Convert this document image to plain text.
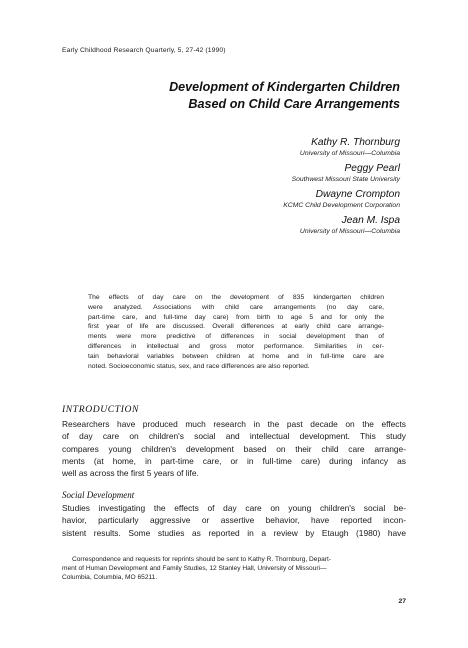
Early Childhood Research Quarterly, 5, 27-42 (1990)
Development of Kindergarten Children
Based on Child Care Arrangements
Kathy R. Thornburg
University of Missouri—Columbia
Peggy Pearl
Southwest Missouri State University
Dwayne Crompton
KCMC Child Development Corporation
Jean M. Ispa
University of Missouri—Columbia
The effects of day care on the development of 835 kindergarten children
were analyzed. Associations with child care arrangements (no day care,
part-time care, and full-time day care) from birth to age 5 and for only the
first year of life are discussed. Overall differences at early child care arrange-
ments were more predictive of differences in social development than of
differences in intellectual and gross motor performance. Similarities in cer-
tain behavioral variables between children at home and in full-time care are
noted. Socioeconomic status, sex, and race differences are also reported.
INTRODUCTION
Researchers have produced much research in the past decade on the effects
of day care on children's social and intellectual development. This study
compares young children's development based on their child care arrange-
ments (at home, in part-time care, or in full-time care) during infancy as
well as across the first 5 years of life.
Social Development
Studies investigating the effects of day care on young children's social be-
havior, particularly aggressive or assertive behavior, have reported incon-
sistent results. Some studies as reported in a review by Etaugh (1980) have
Correspondence and requests for reprints should be sent to Kathy R. Thornburg, Depart-
ment of Human Development and Family Studies, 12 Stanley Hall, University of Missouri—
Columbia, Columbia, MO 65211.
27
